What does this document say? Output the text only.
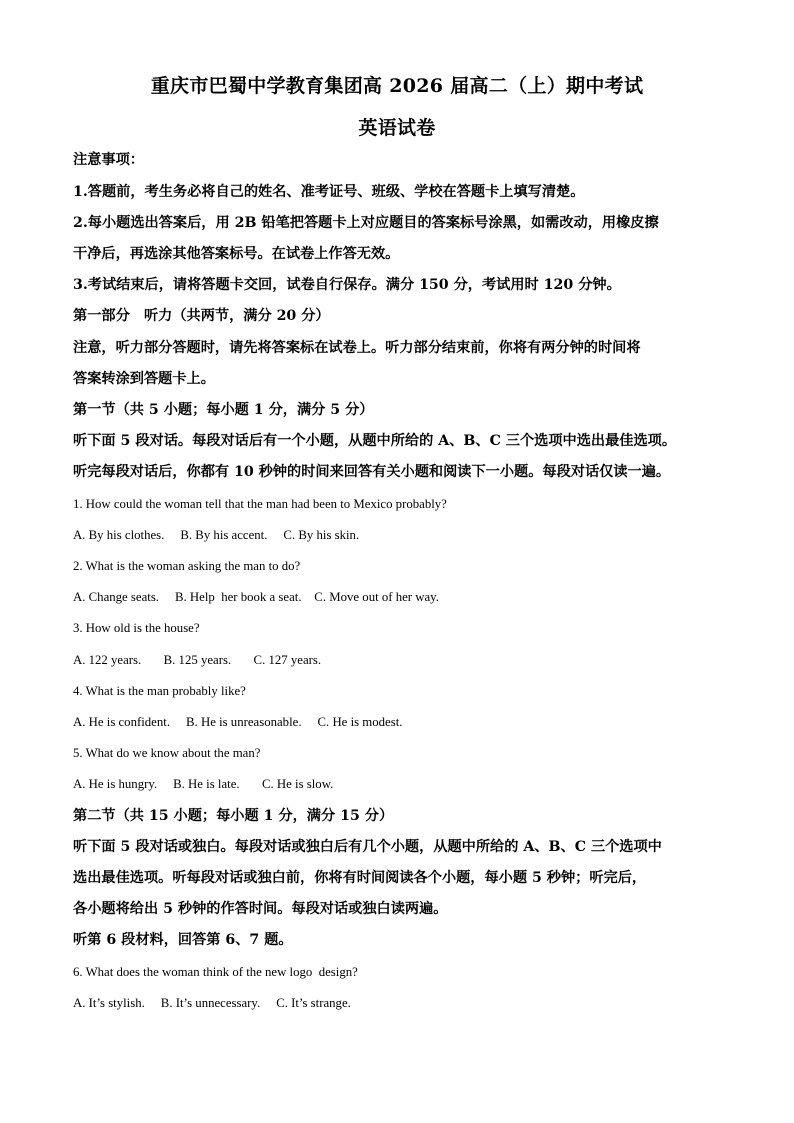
重庆市巴蜀中学教育集团高 2026 届高二（上）期中考试
英语试卷
注意事项：
1.答题前，考生务必将自己的姓名、准考证号、班级、学校在答题卡上填写清楚。
2.每小题选出答案后，用 2B 铅笔把答题卡上对应题目的答案标号涂黑，如需改动，用橡皮擦
干净后，再选涂其他答案标号。在试卷上作答无效。
3.考试结束后，请将答题卡交回，试卷自行保存。满分 150 分，考试用时 120 分钟。
第一部分　听力（共两节，满分 20 分）
注意，听力部分答题时，请先将答案标在试卷上。听力部分结束前，你将有两分钟的时间将
答案转涂到答题卡上。
第一节（共 5 小题；每小题 1 分，满分 5 分）
听下面 5 段对话。每段对话后有一个小题，从题中所给的 A、B、C 三个选项中选出最佳选项。
听完每段对话后，你都有 10 秒钟的时间来回答有关小题和阅读下一小题。每段对话仅读一遍。
1. How could the woman tell that the man had been to Mexico probably?
A. By his clothes.     B. By his accent.     C. By his skin.
2. What is the woman asking the man to do?
A. Change seats.     B. Help  her book a seat.    C. Move out of her way.
3. How old is the house?
A. 122 years.       B. 125 years.       C. 127 years.
4. What is the man probably like?
A. He is confident.     B. He is unreasonable.     C. He is modest.
5. What do we know about the man?
A. He is hungry.     B. He is late.       C. He is slow.
第二节（共 15 小题；每小题 1 分，满分 15 分）
听下面 5 段对话或独白。每段对话或独白后有几个小题，从题中所给的 A、B、C 三个选项中
选出最佳选项。听每段对话或独白前，你将有时间阅读各个小题，每小题 5 秒钟；听完后，
各小题将给出 5 秒钟的作答时间。每段对话或独白读两遍。
听第 6 段材料，回答第 6、7 题。
6. What does the woman think of the new logo  design?
A. It’s stylish.     B. It’s unnecessary.     C. It’s strange.
